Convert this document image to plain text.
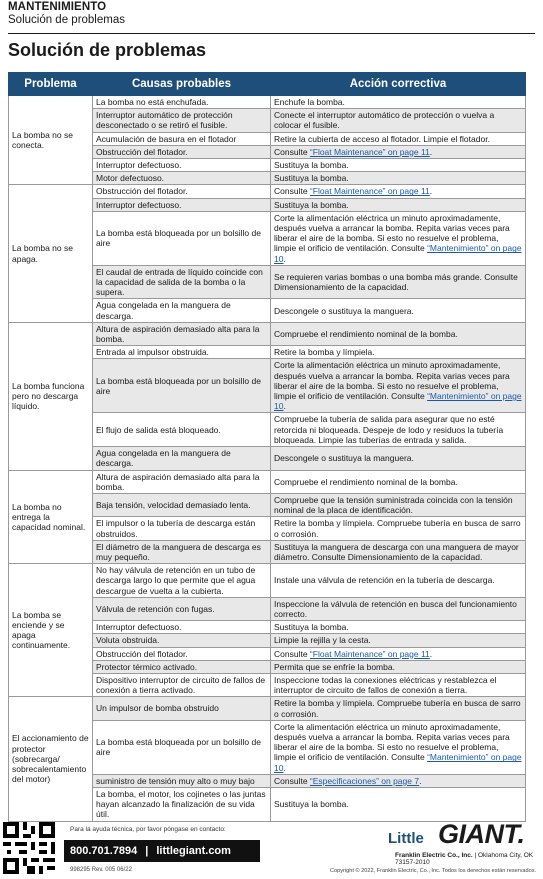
MANTENIMIENTO
Solución de problemas
Solución de problemas
Problema	Causas probables	Acción correctiva
La bomba no se conecta.	La bomba no está enchufada.	Enchufe la bomba.
	Interruptor automático de protección desconectado o se retiró el fusible.	Conecte el interruptor automático de protección o vuelva a colocar el fusible.
	Acumulación de basura en el flotador	Retire la cubierta de acceso al flotador. Limpie el flotador.
	Obstrucción del flotador.	Consulte “Float Maintenance” on page 11.
	Interruptor defectuoso.	Sustituya la bomba.
	Motor defectuoso.	Sustituya la bomba.
La bomba no se apaga.	Obstrucción del flotador.	Consulte “Float Maintenance” on page 11.
	Interruptor defectuoso.	Sustituya la bomba.
	La bomba está bloqueada por un bolsillo de aire	Corte la alimentación eléctrica un minuto aproximadamente, después vuelva a arrancar la bomba. Repita varias veces para liberar el aire de la bomba. Si esto no resuelve el problema, limpie el orificio de ventilación. Consulte “Mantenimiento” on page 10.
	El caudal de entrada de líquido coincide con la capacidad de salida de la bomba o la supera.	Se requieren varias bombas o una bomba más grande. Consulte Dimensionamiento de la capacidad.
	Agua congelada en la manguera de descarga.	Descongele o sustituya la manguera.
La bomba funciona pero no descarga líquido.	Altura de aspiración demasiado alta para la bomba.	Compruebe el rendimiento nominal de la bomba.
	Entrada al impulsor obstruida.	Retire la bomba y límpiela.
	La bomba está bloqueada por un bolsillo de aire	Corte la alimentación eléctrica un minuto aproximadamente, después vuelva a arrancar la bomba. Repita varias veces para liberar el aire de la bomba. Si esto no resuelve el problema, limpie el orificio de ventilación. Consulte “Mantenimiento” on page 10.
	El flujo de salida está bloqueado.	Compruebe la tubería de salida para asegurar que no esté retorcida ni bloqueada. Despeje de lodo y residuos la tubería bloqueada. Limpie las tuberías de entrada y salida.
	Agua congelada en la manguera de descarga.	Descongele o sustituya la manguera.
La bomba no entrega la capacidad nominal.	Altura de aspiración demasiado alta para la bomba.	Compruebe el rendimiento nominal de la bomba.
	Baja tensión, velocidad demasiado lenta.	Compruebe que la tensión suministrada coincida con la tensión nominal de la placa de identificación.
	El impulsor o la tubería de descarga están obstruidos.	Retire la bomba y límpiela. Compruebe tubería en busca de sarro o corrosión.
	El diámetro de la manguera de descarga es muy pequeño.	Sustituya la manguera de descarga con una manguera de mayor diámetro. Consulte Dimensionamiento de la capacidad.
La bomba se enciende y se apaga continuamente.	No hay válvula de retención en un tubo de descarga largo lo que permite que el agua descargue de vuelta a la cubierta.	Instale una válvula de retención en la tubería de descarga.
	Válvula de retención con fugas.	Inspeccione la válvula de retención en busca del funcionamiento correcto.
	Interruptor defectuoso.	Sustituya la bomba.
	Voluta obstruida.	Limpie la rejilla y la cesta.
	Obstrucción del flotador.	Consulte “Float Maintenance” on page 11.
	Protector térmico activado.	Permita que se enfríe la bomba.
	Dispositivo interruptor de circuito de fallos de conexión a tierra activado.	Inspeccione todas la conexiones eléctricas y restablezca el interruptor de circuito de fallos de conexión a tierra.
El accionamiento de protector (sobrecarga/ sobrecalentamiento del motor)	Un impulsor de bomba obstruido	Retire la bomba y límpiela. Compruebe tubería en busca de sarro o corrosión.
	La bomba está bloqueada por un bolsillo de aire	Corte la alimentación eléctrica un minuto aproximadamente, después vuelva a arrancar la bomba. Repita varias veces para liberar el aire de la bomba. Si esto no resuelve el problema, limpie el orificio de ventilación. Consulte “Mantenimiento” on page 10.
	suministro de tensión muy alto o muy bajo	Consulte “Especificaciones” on page 7.
	La bomba, el motor, los cojinetes o las juntas hayan alcanzado la finalización de su vida útil.	Sustituya la bomba.
Para la ayuda técnica, por favor póngase en contacto:
800.701.7894 | littlegiant.com
998295 Rev. 005 06/22
Little GIANT.
Franklin Electric Co., Inc. | Oklahoma City, OK 73157-2010
Copyright © 2022, Franklin Electric, Co., Inc. Todos los derechos están reservados.
